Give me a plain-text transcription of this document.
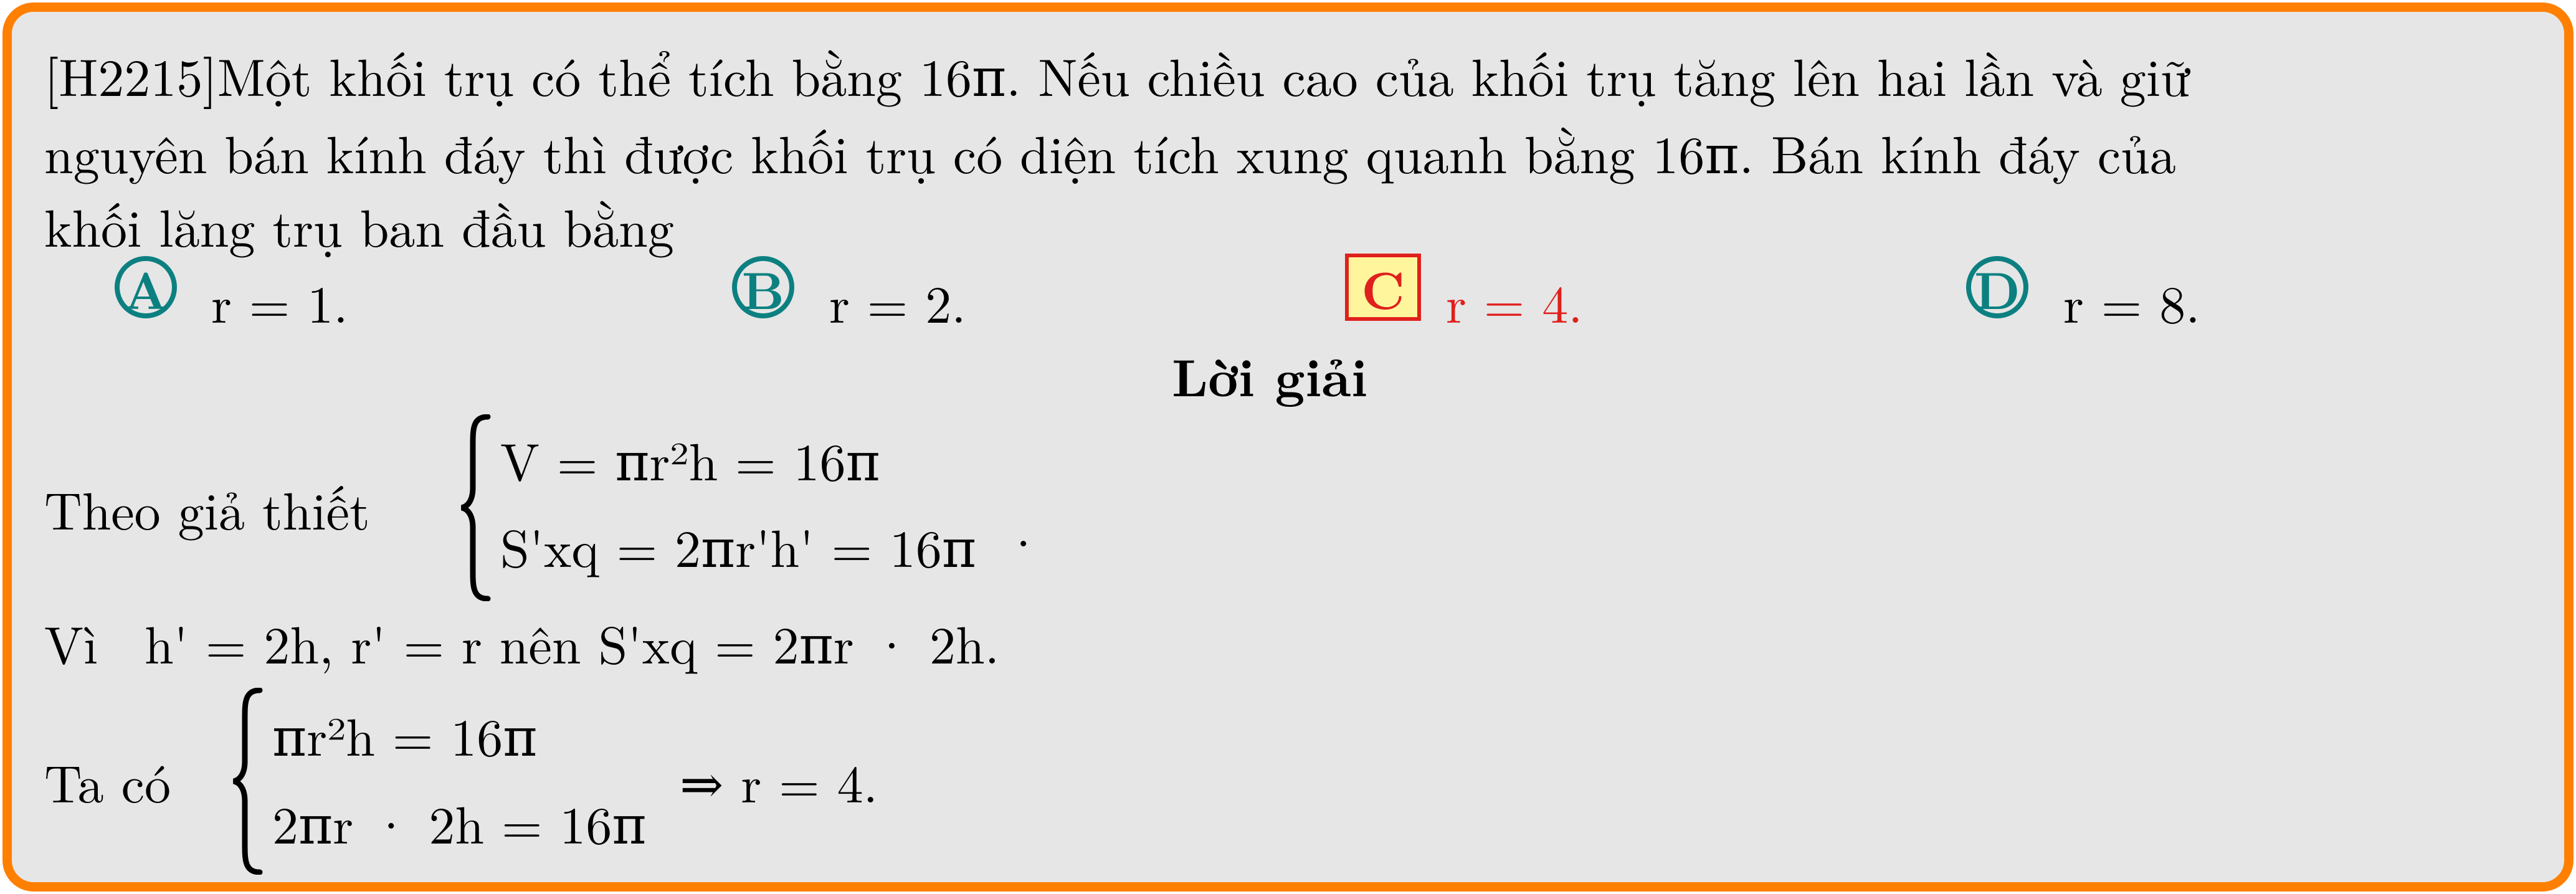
[H2215]Một khối trụ có thể tích bằng 16π. Nếu chiều cao của khối trụ tăng lên hai lần và giữ
nguyên bán kính đáy thì được khối trụ có diện tích xung quanh bằng 16π. Bán kính đáy của
khối lăng trụ ban đầu bằng
A r = 1.	B r = 2.	C r = 4.	D r = 8.
Lời giải
Theo giả thiết
V = πr²h = 16π
S'xq = 2πr'h' = 16π .
Vì h' = 2h, r' = r nên S'xq = 2πr · 2h.
Ta có
πr²h = 16π
2πr · 2h = 16π
⇒ r = 4.
